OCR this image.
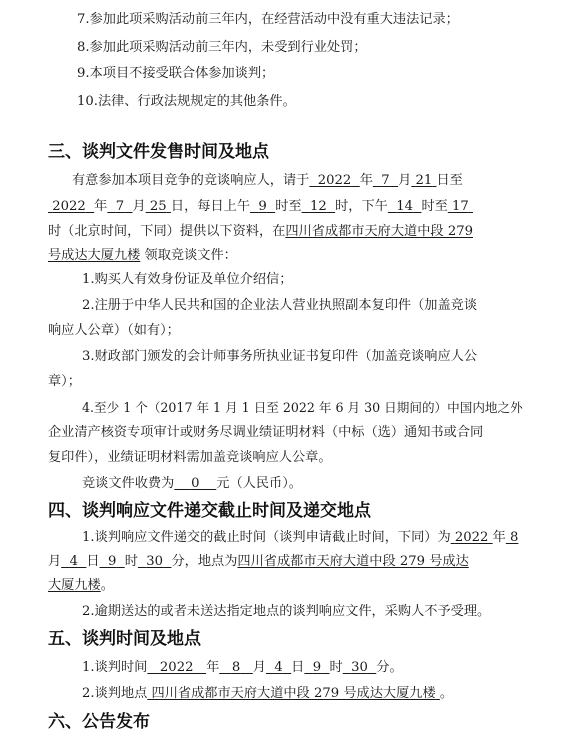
7.参加此项采购活动前三年内，在经营活动中没有重大违法记录；
8.参加此项采购活动前三年内，未受到行业处罚；
9.本项目不接受联合体参加谈判；
10.法律、行政法规规定的其他条件。
三、谈判文件发售时间及地点
有意参加本项目竞争的竞谈响应人，请于 2022 年 7 月 21 日至
2022 年 7 月 25 日，每日上午 9 时至 12 时，下午 14 时至 17
时（北京时间，下同）提供以下资料，在四川省成都市天府大道中段 279
号成达大厦九楼 领取竞谈文件：
1.购买人有效身份证及单位介绍信；
2.注册于中华人民共和国的企业法人营业执照副本复印件（加盖竞谈
响应人公章）（如有）；
3.财政部门颁发的会计师事务所执业证书复印件（加盖竞谈响应人公
章）；
4.至少 1 个（2017 年 1 月 1 日至 2022 年 6 月 30 日期间的）中国内地之外
企业清产核资专项审计或财务尽调业绩证明材料（中标（选）通知书或合同
复印件），业绩证明材料需加盖竞谈响应人公章。
竞谈文件收费为 0 元（人民币）。
四、谈判响应文件递交截止时间及递交地点
1.谈判响应文件递交的截止时间（谈判申请截止时间，下同）为 2022 年 8
月 4 日 9 时 30 分，地点为四川省成都市天府大道中段 279 号成达
大厦九楼。
2.逾期送达的或者未送达指定地点的谈判响应文件，采购人不予受理。
五、谈判时间及地点
1.谈判时间 2022 年 8 月 4 日 9 时 30 分。
2.谈判地点 四川省成都市天府大道中段 279 号成达大厦九楼 。
六、公告发布
